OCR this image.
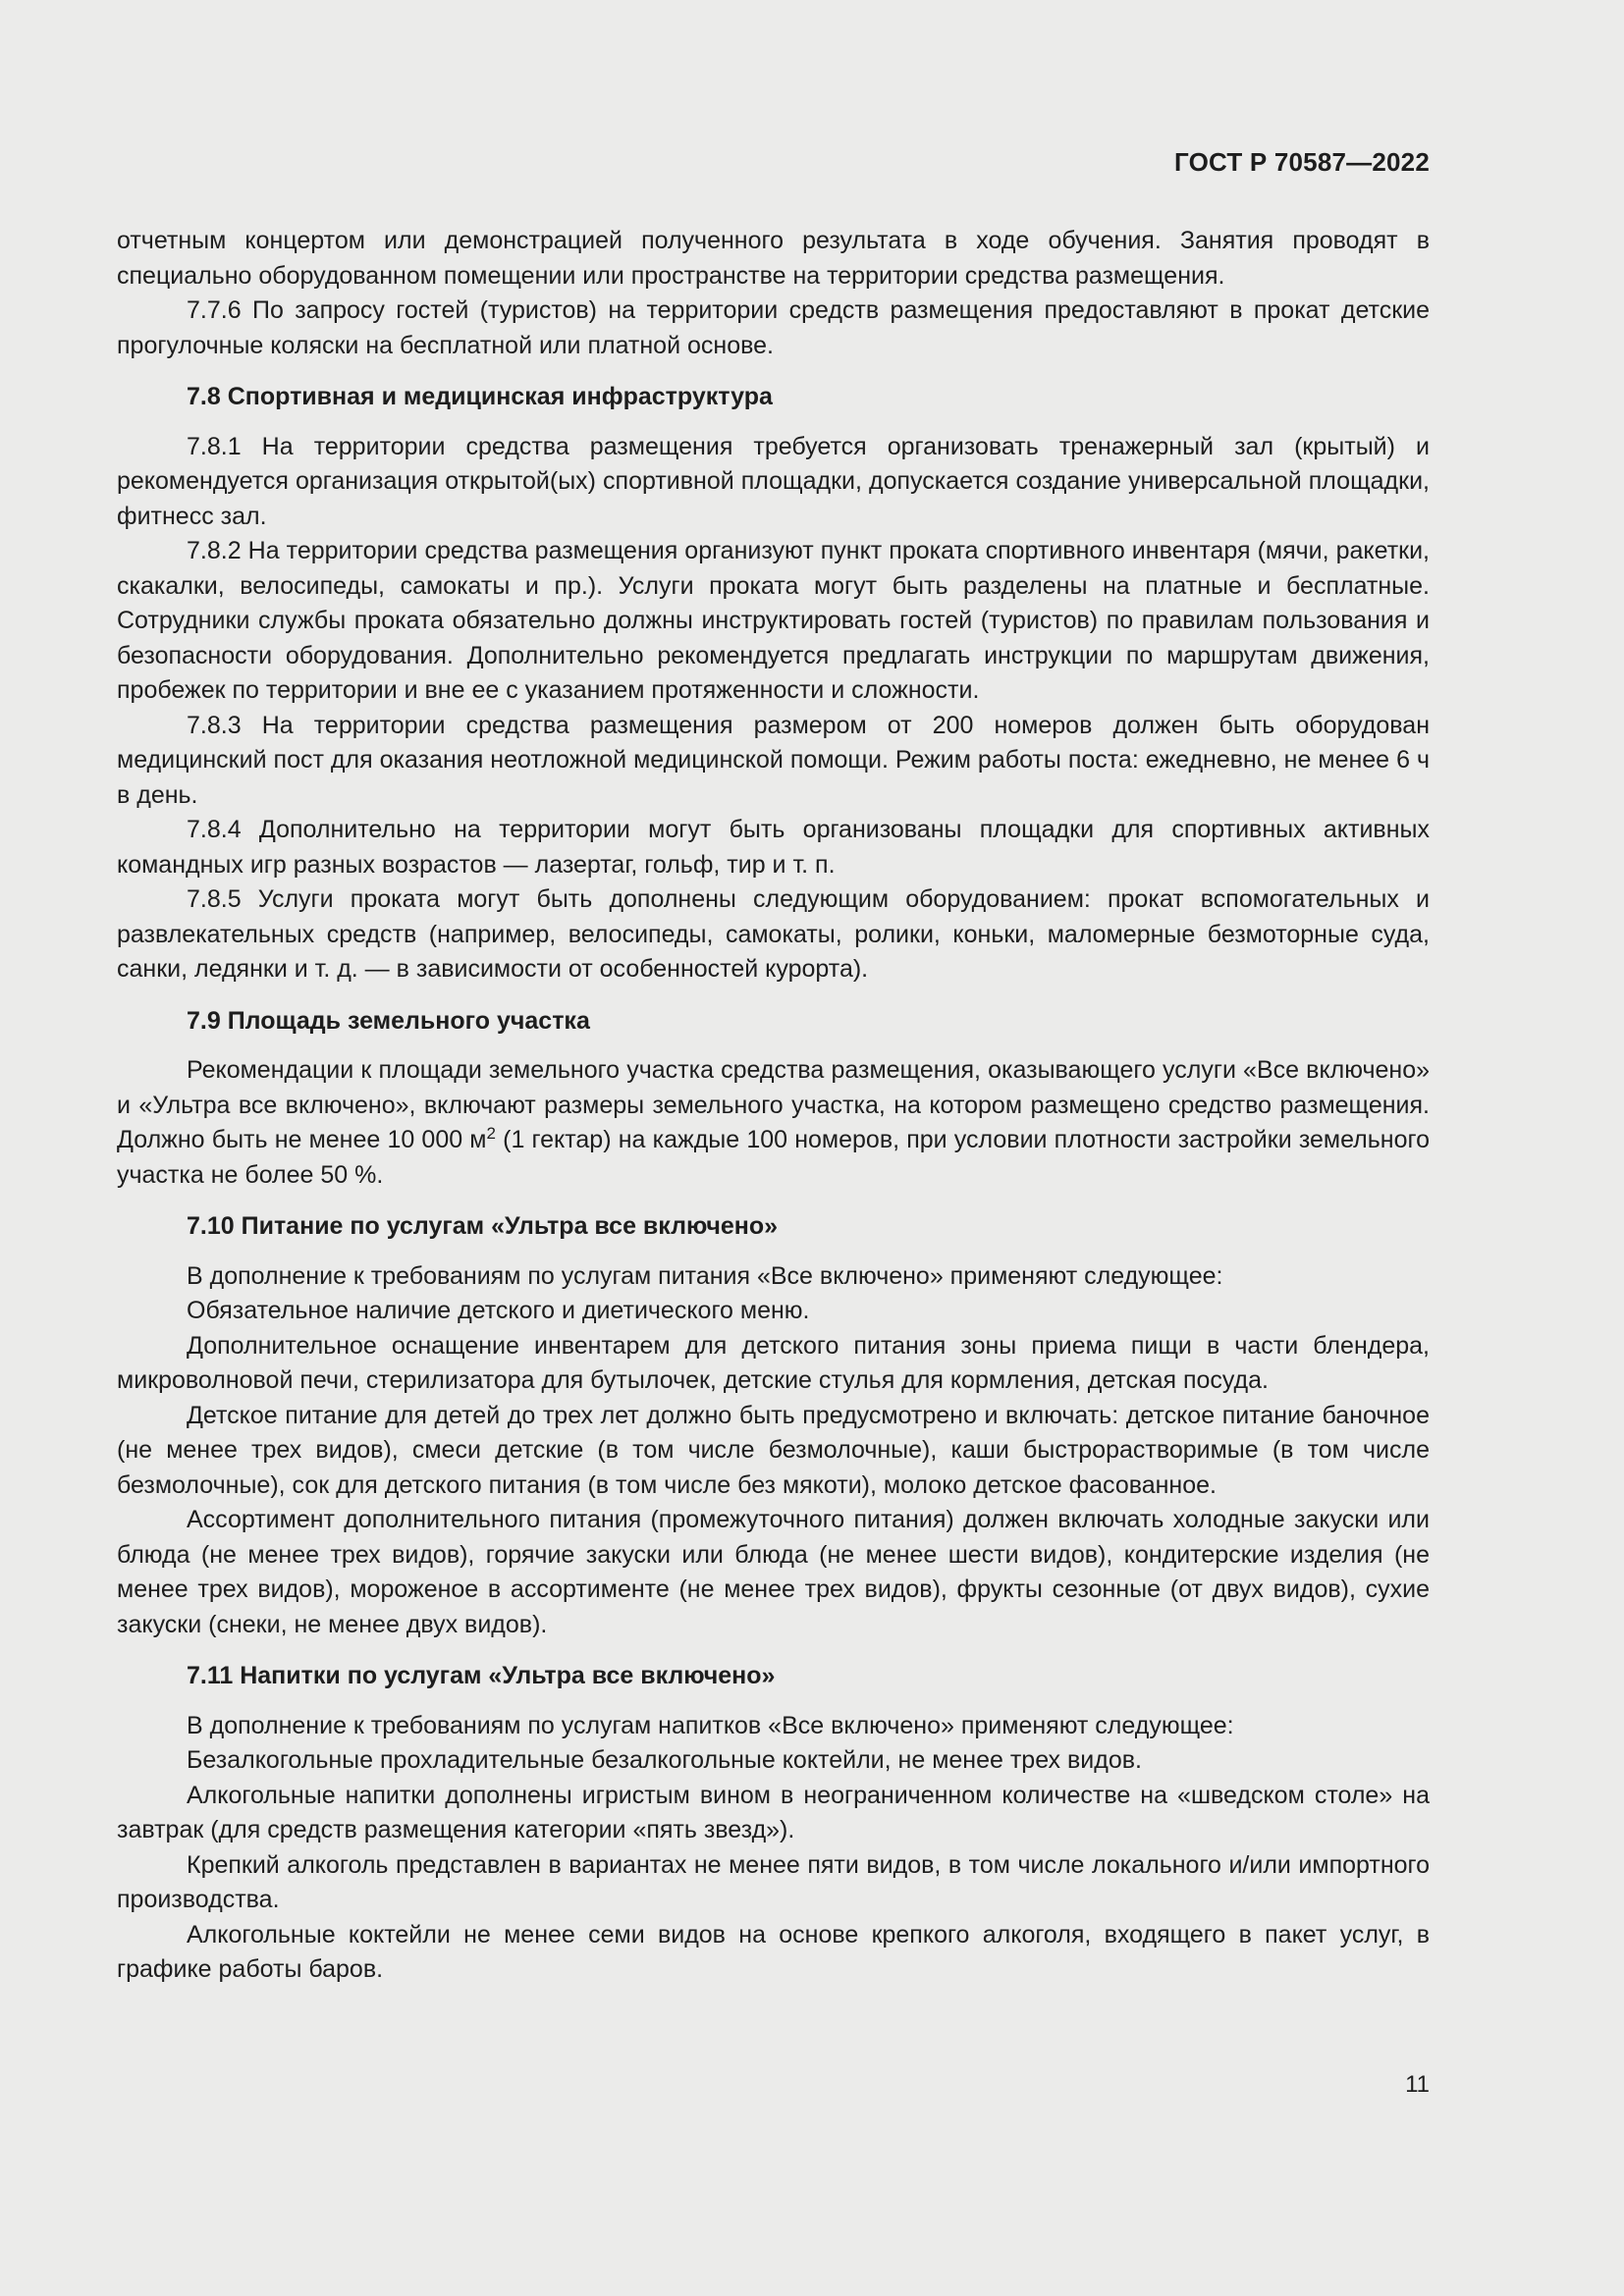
ГОСТ Р 70587—2022

отчетным концертом или демонстрацией полученного результата в ходе обучения. Занятия проводят в специально оборудованном помещении или пространстве на территории средства размещения.

7.7.6 По запросу гостей (туристов) на территории средств размещения предоставляют в прокат детские прогулочные коляски на бесплатной или платной основе.

7.8 Спортивная и медицинская инфраструктура

7.8.1 На территории средства размещения требуется организовать тренажерный зал (крытый) и рекомендуется организация открытой(ых) спортивной площадки, допускается создание универсальной площадки, фитнесс зал.

7.8.2 На территории средства размещения организуют пункт проката спортивного инвентаря (мячи, ракетки, скакалки, велосипеды, самокаты и пр.). Услуги проката могут быть разделены на платные и бесплатные. Сотрудники службы проката обязательно должны инструктировать гостей (туристов) по правилам пользования и безопасности оборудования. Дополнительно рекомендуется предлагать инструкции по маршрутам движения, пробежек по территории и вне ее с указанием протяженности и сложности.

7.8.3 На территории средства размещения размером от 200 номеров должен быть оборудован медицинский пост для оказания неотложной медицинской помощи. Режим работы поста: ежедневно, не менее 6 ч в день.

7.8.4 Дополнительно на территории могут быть организованы площадки для спортивных активных командных игр разных возрастов — лазертаг, гольф, тир и т. п.

7.8.5 Услуги проката могут быть дополнены следующим оборудованием: прокат вспомогательных и развлекательных средств (например, велосипеды, самокаты, ролики, коньки, маломерные безмоторные суда, санки, ледянки и т. д. — в зависимости от особенностей курорта).

7.9 Площадь земельного участка

Рекомендации к площади земельного участка средства размещения, оказывающего услуги «Все включено» и «Ультра все включено», включают размеры земельного участка, на котором размещено средство размещения. Должно быть не менее 10 000 $м^2$ (1 гектар) на каждые 100 номеров, при условии плотности застройки земельного участка не более 50 %.

7.10 Питание по услугам «Ультра все включено»

В дополнение к требованиям по услугам питания «Все включено» применяют следующее:

Обязательное наличие детского и диетического меню.

Дополнительное оснащение инвентарем для детского питания зоны приема пищи в части блендера, микроволновой печи, стерилизатора для бутылочек, детские стулья для кормления, детская посуда.

Детское питание для детей до трех лет должно быть предусмотрено и включать: детское питание баночное (не менее трех видов), смеси детские (в том числе безмолочные), каши быстрорастворимые (в том числе безмолочные), сок для детского питания (в том числе без мякоти), молоко детское фасованное.

Ассортимент дополнительного питания (промежуточного питания) должен включать холодные закуски или блюда (не менее трех видов), горячие закуски или блюда (не менее шести видов), кондитерские изделия (не менее трех видов), мороженое в ассортименте (не менее трех видов), фрукты сезонные (от двух видов), сухие закуски (снеки, не менее двух видов).

7.11 Напитки по услугам «Ультра все включено»

В дополнение к требованиям по услугам напитков «Все включено» применяют следующее:

Безалкогольные прохладительные безалкогольные коктейли, не менее трех видов.

Алкогольные напитки дополнены игристым вином в неограниченном количестве на «шведском столе» на завтрак (для средств размещения категории «пять звезд»).

Крепкий алкоголь представлен в вариантах не менее пяти видов, в том числе локального и/или импортного производства.

Алкогольные коктейли не менее семи видов на основе крепкого алкоголя, входящего в пакет услуг, в графике работы баров.

11
